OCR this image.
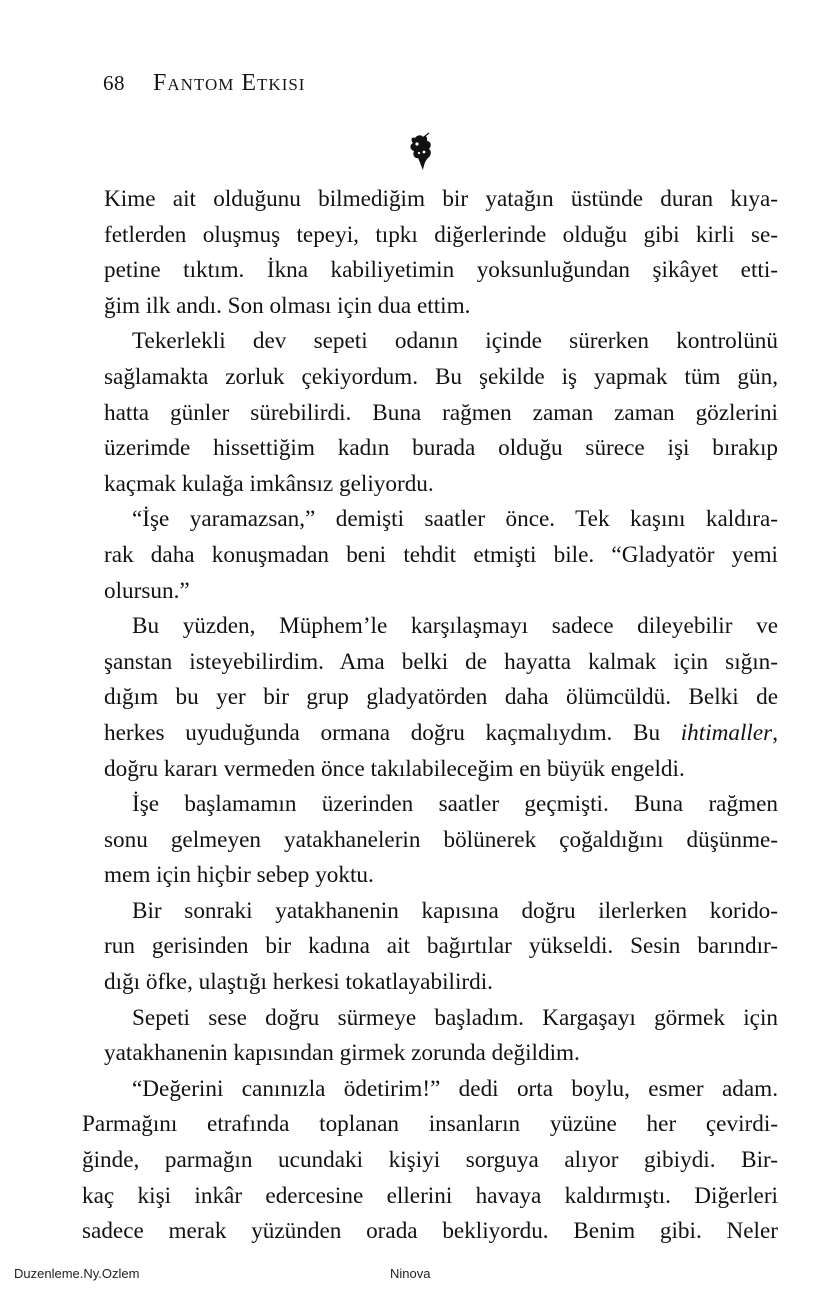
68 Fantom Etkisi
Kime ait olduğunu bilmediğim bir yatağın üstünde duran kıya-
fetlerden oluşmuş tepeyi, tıpkı diğerlerinde olduğu gibi kirli se-
petine tıktım. İkna kabiliyetimin yoksunluğundan şikâyet etti-
ğim ilk andı. Son olması için dua ettim.
Tekerlekli dev sepeti odanın içinde sürerken kontrolünü
sağlamakta zorluk çekiyordum. Bu şekilde iş yapmak tüm gün,
hatta günler sürebilirdi. Buna rağmen zaman zaman gözlerini
üzerimde hissettiğim kadın burada olduğu sürece işi bırakıp
kaçmak kulağa imkânsız geliyordu.
“İşe yaramazsan,” demişti saatler önce. Tek kaşını kaldıra-
rak daha konuşmadan beni tehdit etmişti bile. “Gladyatör yemi
olursun.”
Bu yüzden, Müphem’le karşılaşmayı sadece dileyebilir ve
şanstan isteyebilirdim. Ama belki de hayatta kalmak için sığın-
dığım bu yer bir grup gladyatörden daha ölümcüldü. Belki de
herkes uyuduğunda ormana doğru kaçmalıydım. Bu ihtimaller,
doğru kararı vermeden önce takılabileceğim en büyük engeldi.
İşe başlamamın üzerinden saatler geçmişti. Buna rağmen
sonu gelmeyen yatakhanelerin bölünerek çoğaldığını düşünme-
mem için hiçbir sebep yoktu.
Bir sonraki yatakhanenin kapısına doğru ilerlerken korido-
run gerisinden bir kadına ait bağırtılar yükseldi. Sesin barındır-
dığı öfke, ulaştığı herkesi tokatlayabilirdi.
Sepeti sese doğru sürmeye başladım. Kargaşayı görmek için
yatakhanenin kapısından girmek zorunda değildim.
“Değerini canınızla ödetirim!” dedi orta boylu, esmer adam.
Parmağını etrafında toplanan insanların yüzüne her çevirdi-
ğinde, parmağın ucundaki kişiyi sorguya alıyor gibiydi. Bir-
kaç kişi inkâr edercesine ellerini havaya kaldırmıştı. Diğerleri
sadece merak yüzünden orada bekliyordu. Benim gibi. Neler
Duzenleme.Ny.Ozlem	Ninova
